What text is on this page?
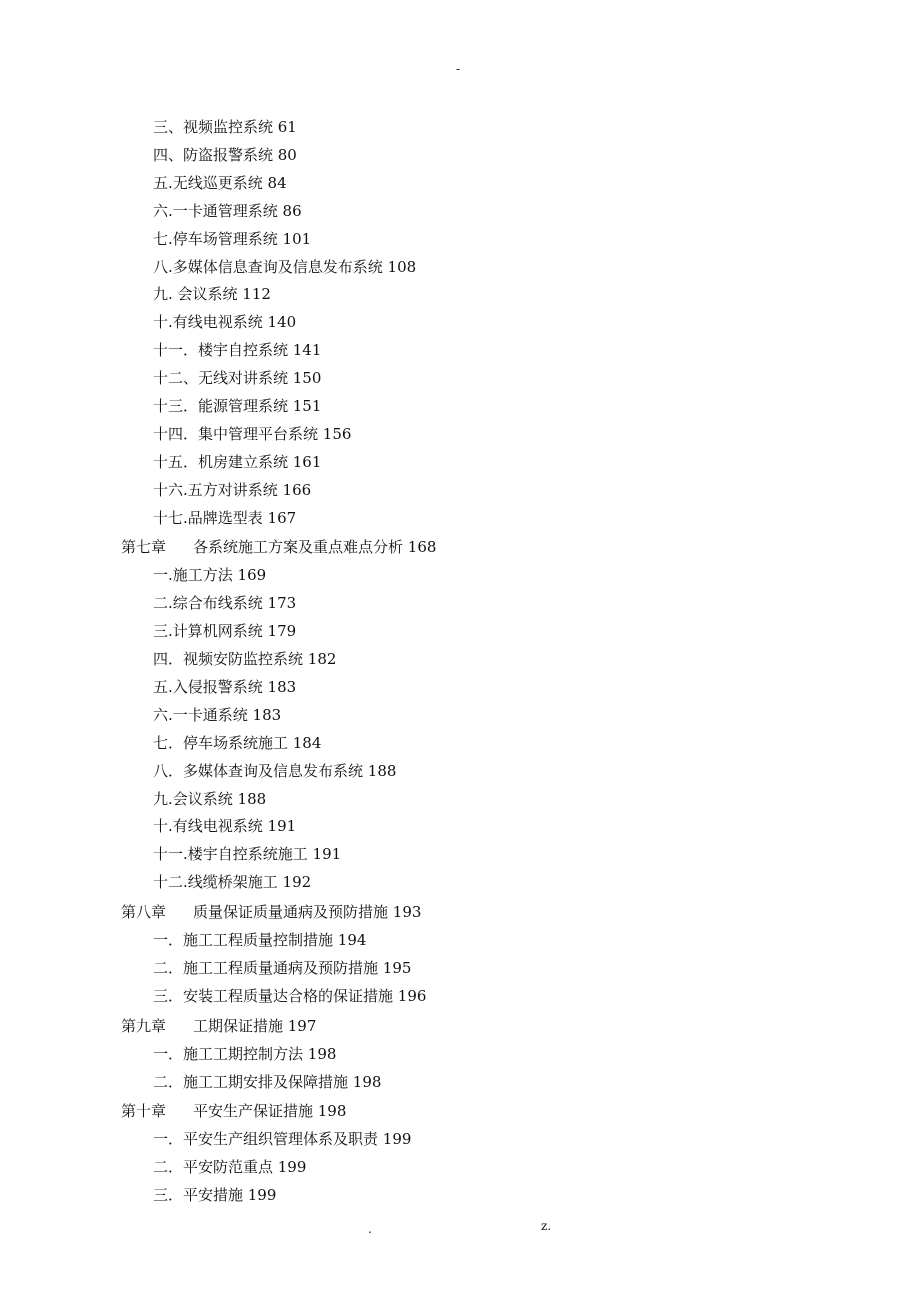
-
三、视频监控系统 61
四、防盗报警系统 80
五.无线巡更系统 84
六.一卡通管理系统 86
七.停车场管理系统 101
八.多媒体信息查询及信息发布系统 108
九. 会议系统 112
十.有线电视系统 140
十一．楼宇自控系统 141
十二、无线对讲系统 150
十三．能源管理系统 151
十四．集中管理平台系统 156
十五．机房建立系统 161
十六.五方对讲系统 166
十七.品牌选型表 167
第七章 各系统施工方案及重点难点分析 168
一.施工方法 169
二.综合布线系统 173
三.计算机网系统 179
四．视频安防监控系统 182
五.入侵报警系统 183
六.一卡通系统 183
七．停车场系统施工 184
八．多媒体查询及信息发布系统 188
九.会议系统 188
十.有线电视系统 191
十一.楼宇自控系统施工 191
十二.线缆桥架施工 192
第八章 质量保证质量通病及预防措施 193
一．施工工程质量控制措施 194
二．施工工程质量通病及预防措施 195
三．安装工程质量达合格的保证措施 196
第九章 工期保证措施 197
一．施工工期控制方法 198
二．施工工期安排及保障措施 198
第十章 平安生产保证措施 198
一．平安生产组织管理体系及职责 199
二．平安防范重点 199
三．平安措施 199
.	z.
